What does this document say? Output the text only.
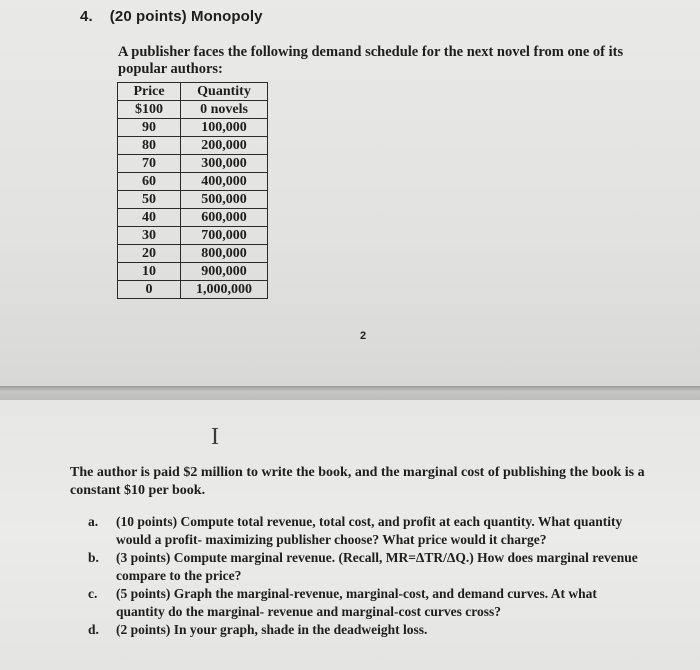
4. (20 points) Monopoly
A publisher faces the following demand schedule for the next novel from one of its popular authors:
Price	Quantity
$100	0 novels
90	100,000
80	200,000
70	300,000
60	400,000
50	500,000
40	600,000
30	700,000
20	800,000
10	900,000
0	1,000,000
2
I
The author is paid $2 million to write the book, and the marginal cost of publishing the book is a constant $10 per book.
a.	(10 points) Compute total revenue, total cost, and profit at each quantity. What quantity would a profit- maximizing publisher choose? What price would it charge?
b.	(3 points) Compute marginal revenue. (Recall, MR=ΔTR/ΔQ.) How does marginal revenue compare to the price?
c.	(5 points) Graph the marginal-revenue, marginal-cost, and demand curves. At what quantity do the marginal- revenue and marginal-cost curves cross?
d.	(2 points) In your graph, shade in the deadweight loss.
